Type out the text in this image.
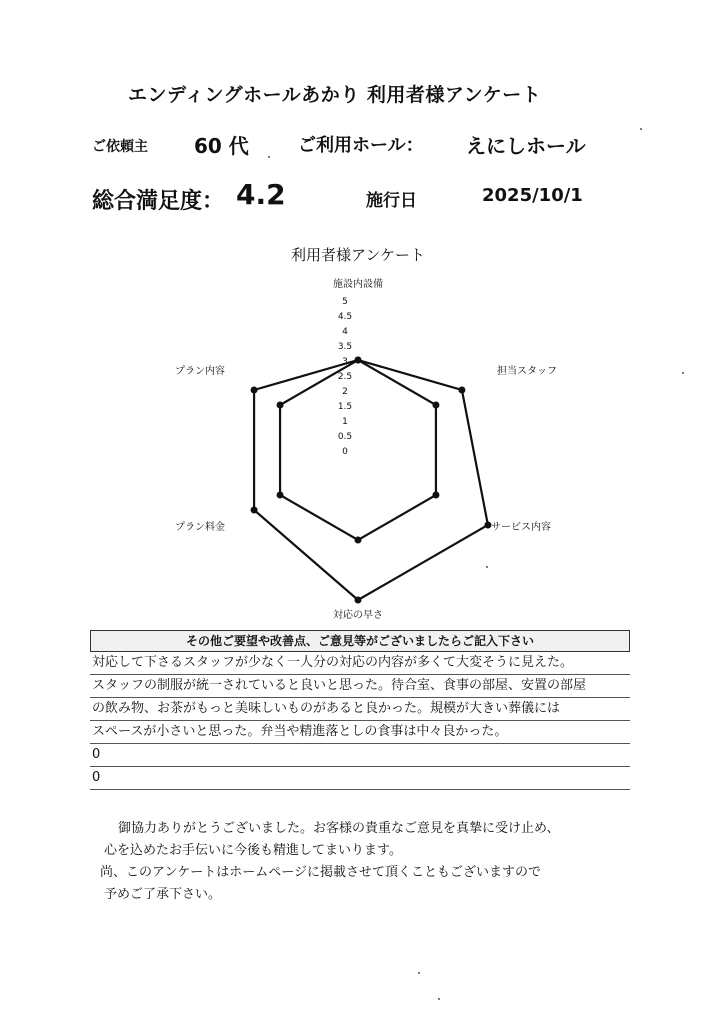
エンディングホールあかり 利用者様アンケート
ご依頼主 60 代	ご利用ホール： えにしホール
総合満足度： 4.2	施行日	2025/10/1
利用者様アンケート
0
0.5
1
1.5
2
2.5
3
3.5
4
4.5
5
施設内設備
担当スタッフ
サービス内容
対応の早さ
プラン料金
プラン内容
その他ご要望や改善点、ご意見等がございましたらご記入下さい
対応して下さるスタッフが少なく一人分の対応の内容が多くて大変そうに見えた。
スタッフの制服が統一されていると良いと思った。待合室、食事の部屋、安置の部屋
の飲み物、お茶がもっと美味しいものがあると良かった。規模が大きい葬儀には
スペースが小さいと思った。弁当や精進落としの食事は中々良かった。
0
0
御協力ありがとうございました。お客様の貴重なご意見を真摯に受け止め、
心を込めたお手伝いに今後も精進してまいります。
尚、このアンケートはホームページに掲載させて頂くこともございますので
予めご了承下さい。
